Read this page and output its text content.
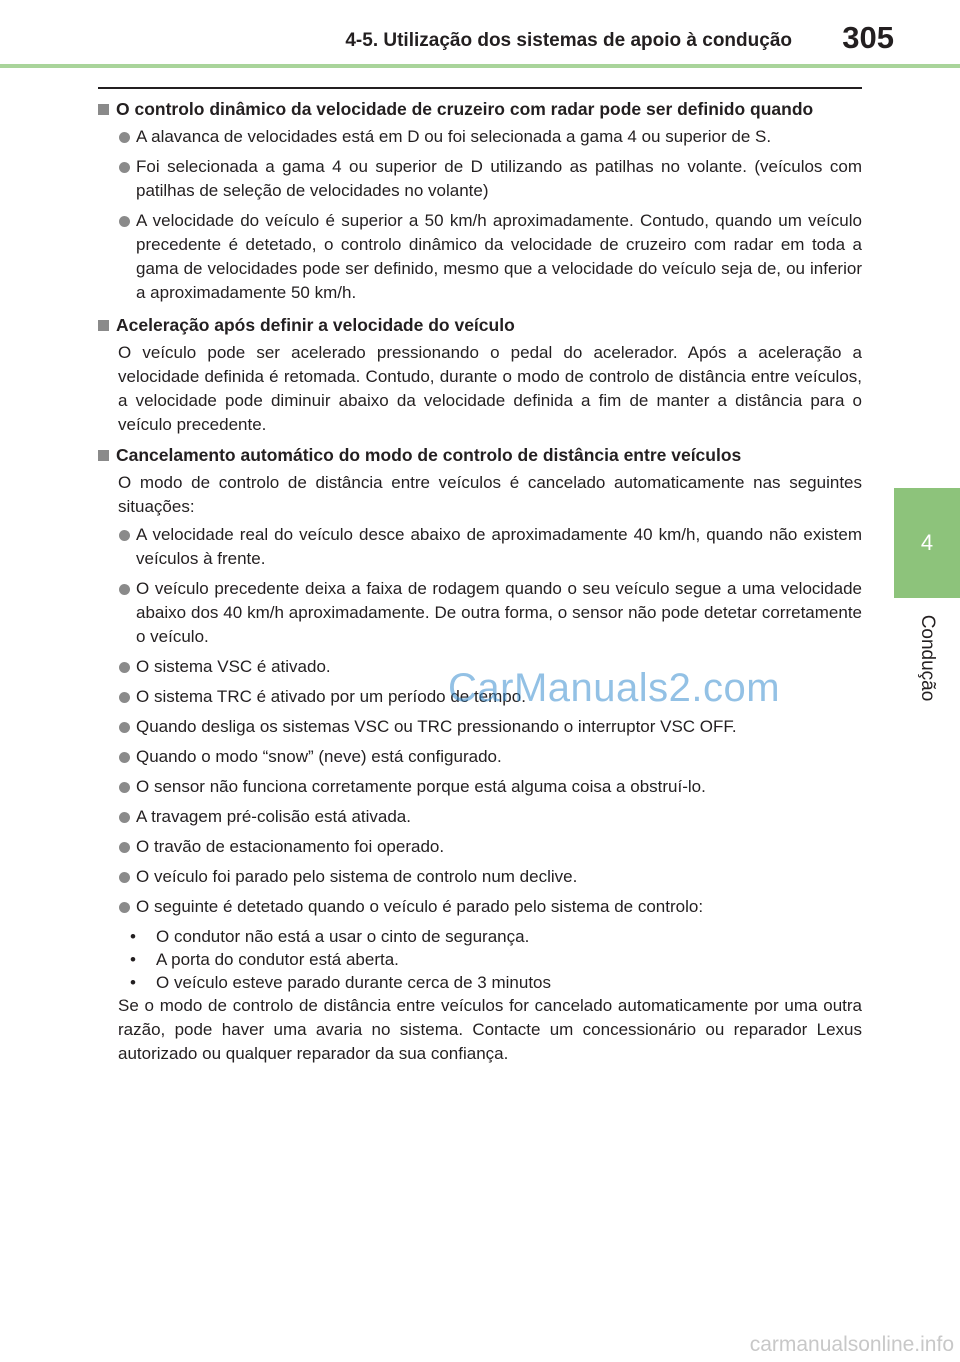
4-5. Utilização dos sistemas de apoio à condução 305
4
Condução
O controlo dinâmico da velocidade de cruzeiro com radar pode ser definido quando
A alavanca de velocidades está em D ou foi selecionada a gama 4 ou superior de S.
Foi selecionada a gama 4 ou superior de D utilizando as patilhas no volante. (veículos com patilhas de seleção de velocidades no volante)
A velocidade do veículo é superior a 50 km/h aproximadamente. Contudo, quando um veículo precedente é detetado, o controlo dinâmico da velocidade de cruzeiro com radar em toda a gama de velocidades pode ser definido, mesmo que a velocidade do veículo seja de, ou inferior a aproximadamente 50 km/h.
Aceleração após definir a velocidade do veículo
O veículo pode ser acelerado pressionando o pedal do acelerador. Após a aceleração a velocidade definida é retomada. Contudo, durante o modo de controlo de distância entre veículos, a velocidade pode diminuir abaixo da velocidade definida a fim de manter a distância para o veículo precedente.
Cancelamento automático do modo de controlo de distância entre veículos
O modo de controlo de distância entre veículos é cancelado automaticamente nas seguintes situações:
A velocidade real do veículo desce abaixo de aproximadamente 40 km/h, quando não existem veículos à frente.
O veículo precedente deixa a faixa de rodagem quando o seu veículo segue a uma velocidade abaixo dos 40 km/h aproximadamente. De outra forma, o sensor não pode detetar corretamente o veículo.
O sistema VSC é ativado.
O sistema TRC é ativado por um período de tempo.
Quando desliga os sistemas VSC ou TRC pressionando o interruptor VSC OFF.
Quando o modo “snow” (neve) está configurado.
O sensor não funciona corretamente porque está alguma coisa a obstruí-lo.
A travagem pré-colisão está ativada.
O travão de estacionamento foi operado.
O veículo foi parado pelo sistema de controlo num declive.
O seguinte é detetado quando o veículo é parado pelo sistema de controlo:
• O condutor não está a usar o cinto de segurança.
• A porta do condutor está aberta.
• O veículo esteve parado durante cerca de 3 minutos
Se o modo de controlo de distância entre veículos for cancelado automaticamente por uma outra razão, pode haver uma avaria no sistema. Contacte um concessionário ou reparador Lexus autorizado ou qualquer reparador da sua confiança.
CarManuals2.com
carmanualsonline.info
